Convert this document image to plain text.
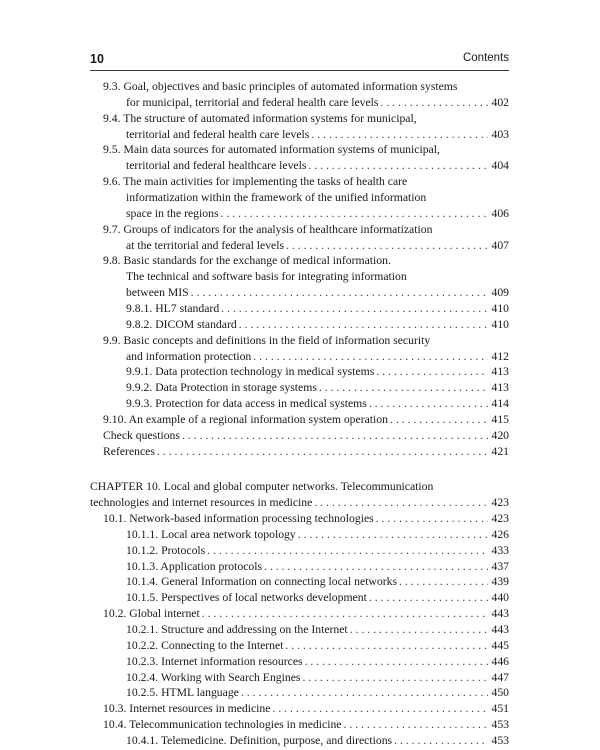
10	Contents
9.3. Goal, objectives and basic principles of automated information systems
for municipal, territorial and federal health care levels . . .	402
9.4. The structure of automated information systems for municipal,
territorial and federal health care levels . . .	403
9.5. Main data sources for automated information systems of municipal,
territorial and federal healthcare levels . . .	404
9.6. The main activities for implementing the tasks of health care
informatization within the framework of the unified information
space in the regions . . .	406
9.7. Groups of indicators for the analysis of healthcare informatization
at the territorial and federal levels . . .	407
9.8. Basic standards for the exchange of medical information.
The technical and software basis for integrating information
between MIS . . .	409
9.8.1. HL7 standard . . .	410
9.8.2. DICOM standard . . .	410
9.9. Basic concepts and definitions in the field of information security
and information protection . . .	412
9.9.1. Data protection technology in medical systems . . .	413
9.9.2. Data Protection in storage systems . . .	413
9.9.3. Protection for data access in medical systems . . .	414
9.10. An example of a regional information system operation . . .	415
Check questions . . .	420
References . . .	421
CHAPTER 10. Local and global computer networks. Telecommunication
technologies and internet resources in medicine . . .	423
10.1. Network-based information processing technologies . . .	423
10.1.1. Local area network topology . . .	426
10.1.2. Protocols . . .	433
10.1.3. Application protocols . . .	437
10.1.4. General Information on connecting local networks . . .	439
10.1.5. Perspectives of local networks development . . .	440
10.2. Global internet . . .	443
10.2.1. Structure and addressing on the Internet . . .	443
10.2.2. Connecting to the Internet . . .	445
10.2.3. Internet information resources . . .	446
10.2.4. Working with Search Engines . . .	447
10.2.5. HTML language . . .	450
10.3. Internet resources in medicine . . .	451
10.4. Telecommunication technologies in medicine . . .	453
10.4.1. Telemedicine. Definition, purpose, and directions . . .	453
